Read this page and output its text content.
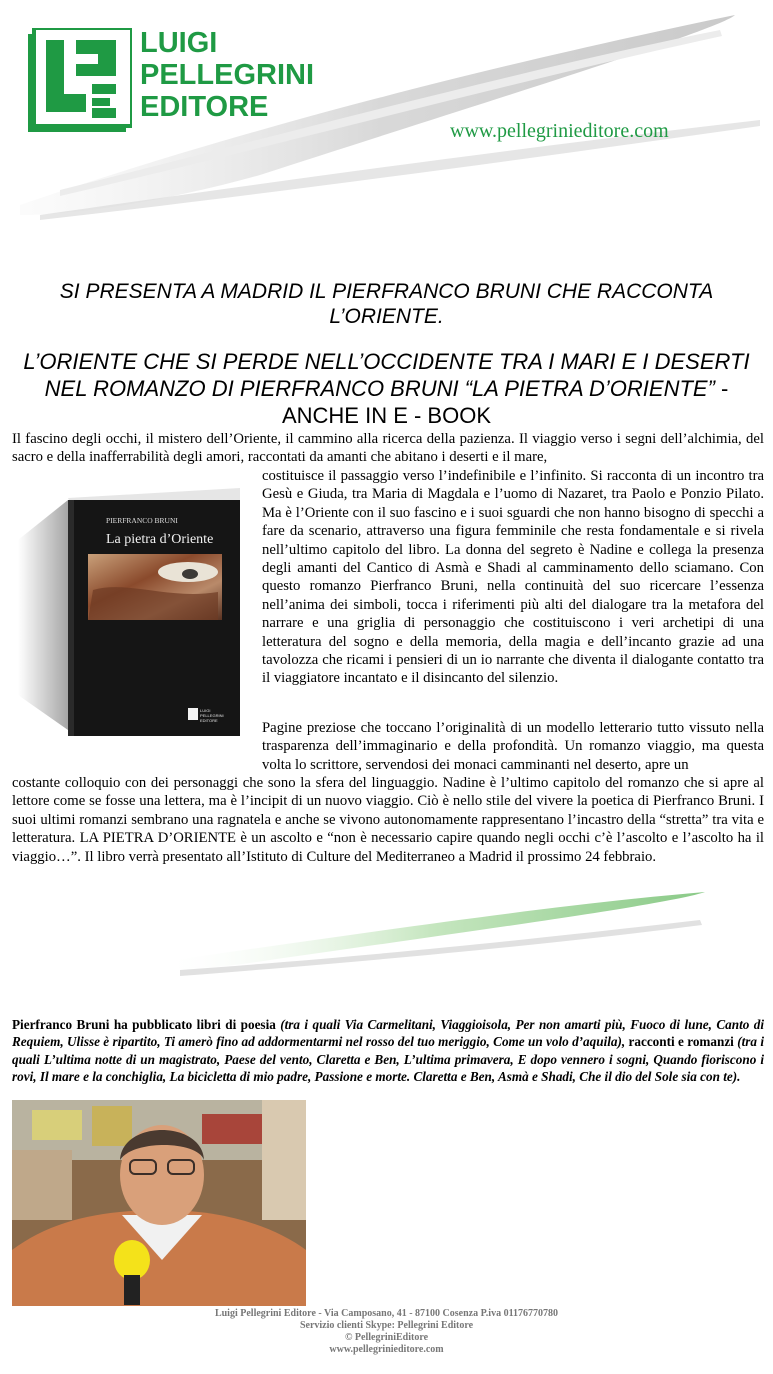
LUIGI
PELLEGRINI
EDITORE
www.pellegrinieditore.com
SI PRESENTA A MADRID IL PIERFRANCO BRUNI CHE RACCONTA L’ORIENTE.
L’ORIENTE CHE SI PERDE NELL’OCCIDENTE TRA I MARI E I DESERTI NEL ROMANZO DI PIERFRANCO BRUNI “LA PIETRA D’ORIENTE” - ANCHE IN E - BOOK
Il fascino degli occhi, il mistero dell’Oriente, il cammino alla ricerca della pazienza. Il viaggio verso i segni dell’alchimia, del sacro e della inafferrabilità degli amori, raccontati da amanti che abitano i deserti e il mare,
PIERFRANCO BRUNI
La pietra d’Oriente
LUIGI
PELLEGRINI
EDITORE
costituisce il passaggio verso l’indefinibile e l’infinito. Si racconta di un incontro tra Gesù e Giuda, tra Maria di Magdala e l’uomo di Nazaret, tra Paolo e Ponzio Pilato. Ma è l’Oriente con il suo fascino e i suoi sguardi che non hanno bisogno di specchi a fare da scenario, attraverso una figura femminile che resta fondamentale e si rivela nell’ultimo capitolo del libro. La donna del segreto è Nadine e collega la presenza degli amanti del Cantico di Asmà e Shadi al camminamento dello sciamano. Con questo romanzo Pierfranco Bruni, nella continuità del suo ricercare l’essenza nell’anima dei simboli, tocca i riferimenti più alti del dialogare tra la metafora del narrare e una griglia di personaggio che costituiscono i veri archetipi di una letteratura del sogno e della memoria, della magia e dell’incanto grazie ad una tavolozza che ricami i pensieri di un io narrante che diventa il dialogante contatto tra il viaggiatore incantato e il disincanto del silenzio.
Pagine preziose che toccano l’originalità di un modello letterario tutto vissuto nella trasparenza dell’immaginario e della profondità. Un romanzo viaggio, ma questa volta lo scrittore, servendosi dei monaci camminanti nel deserto, apre un
costante colloquio con dei personaggi che sono la sfera del linguaggio. Nadine è l’ultimo capitolo del romanzo che si apre al lettore come se fosse una lettera, ma è l’incipit di un nuovo viaggio. Ciò è nello stile del vivere la poetica di Pierfranco Bruni. I suoi ultimi romanzi sembrano una ragnatela e anche se vivono autonomamente rappresentano l’incastro della “stretta” tra vita e letteratura. LA PIETRA D’ORIENTE è un ascolto e “non è necessario capire quando negli occhi c’è l’ascolto e l’ascolto ha il viaggio…”. Il libro verrà presentato all’Istituto di Culture del Mediterraneo a Madrid il prossimo 24 febbraio.
Pierfranco Bruni ha pubblicato libri di poesia (tra i quali Via Carmelitani, Viaggioisola, Per non amarti più, Fuoco di lune, Canto di Requiem, Ulisse è ripartito, Ti amerò fino ad addormentarmi nel rosso del tuo meriggio, Come un volo d’aquila), racconti e romanzi (tra i quali L’ultima notte di un magistrato, Paese del vento, Claretta e Ben, L’ultima primavera, E dopo vennero i sogni, Quando fioriscono i rovi, Il mare e la conchiglia, La bicicletta di mio padre, Passione e morte. Claretta e Ben, Asmà e Shadi, Che il dio del Sole sia con te).
Luigi Pellegrini Editore - Via Camposano, 41 - 87100 Cosenza P.iva 01176770780
Servizio clienti Skype: Pellegrini Editore
© PellegriniEditore
www.pellegrinieditore.com
